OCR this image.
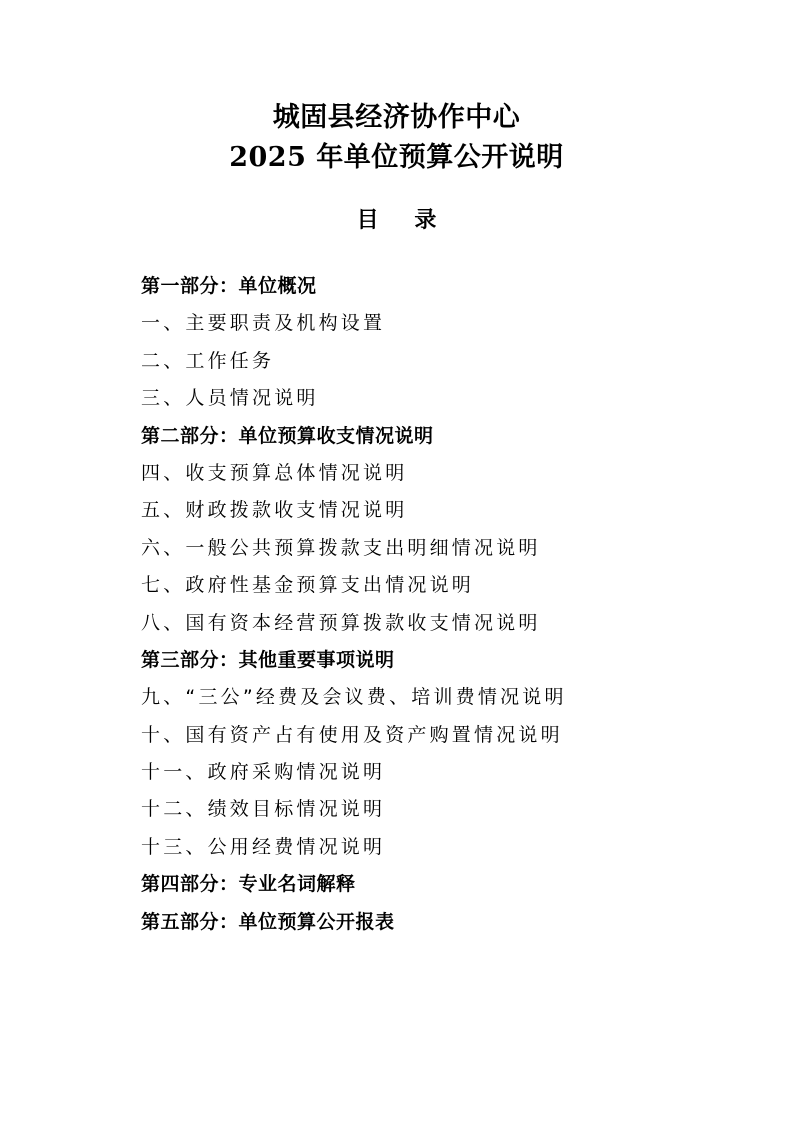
城固县经济协作中心
2025 年单位预算公开说明
目 录
第一部分：单位概况
一、主要职责及机构设置
二、工作任务
三、人员情况说明
第二部分：单位预算收支情况说明
四、收支预算总体情况说明
五、财政拨款收支情况说明
六、一般公共预算拨款支出明细情况说明
七、政府性基金预算支出情况说明
八、国有资本经营预算拨款收支情况说明
第三部分：其他重要事项说明
九、“三公”经费及会议费、培训费情况说明
十、国有资产占有使用及资产购置情况说明
十一、政府采购情况说明
十二、绩效目标情况说明
十三、公用经费情况说明
第四部分：专业名词解释
第五部分：单位预算公开报表
